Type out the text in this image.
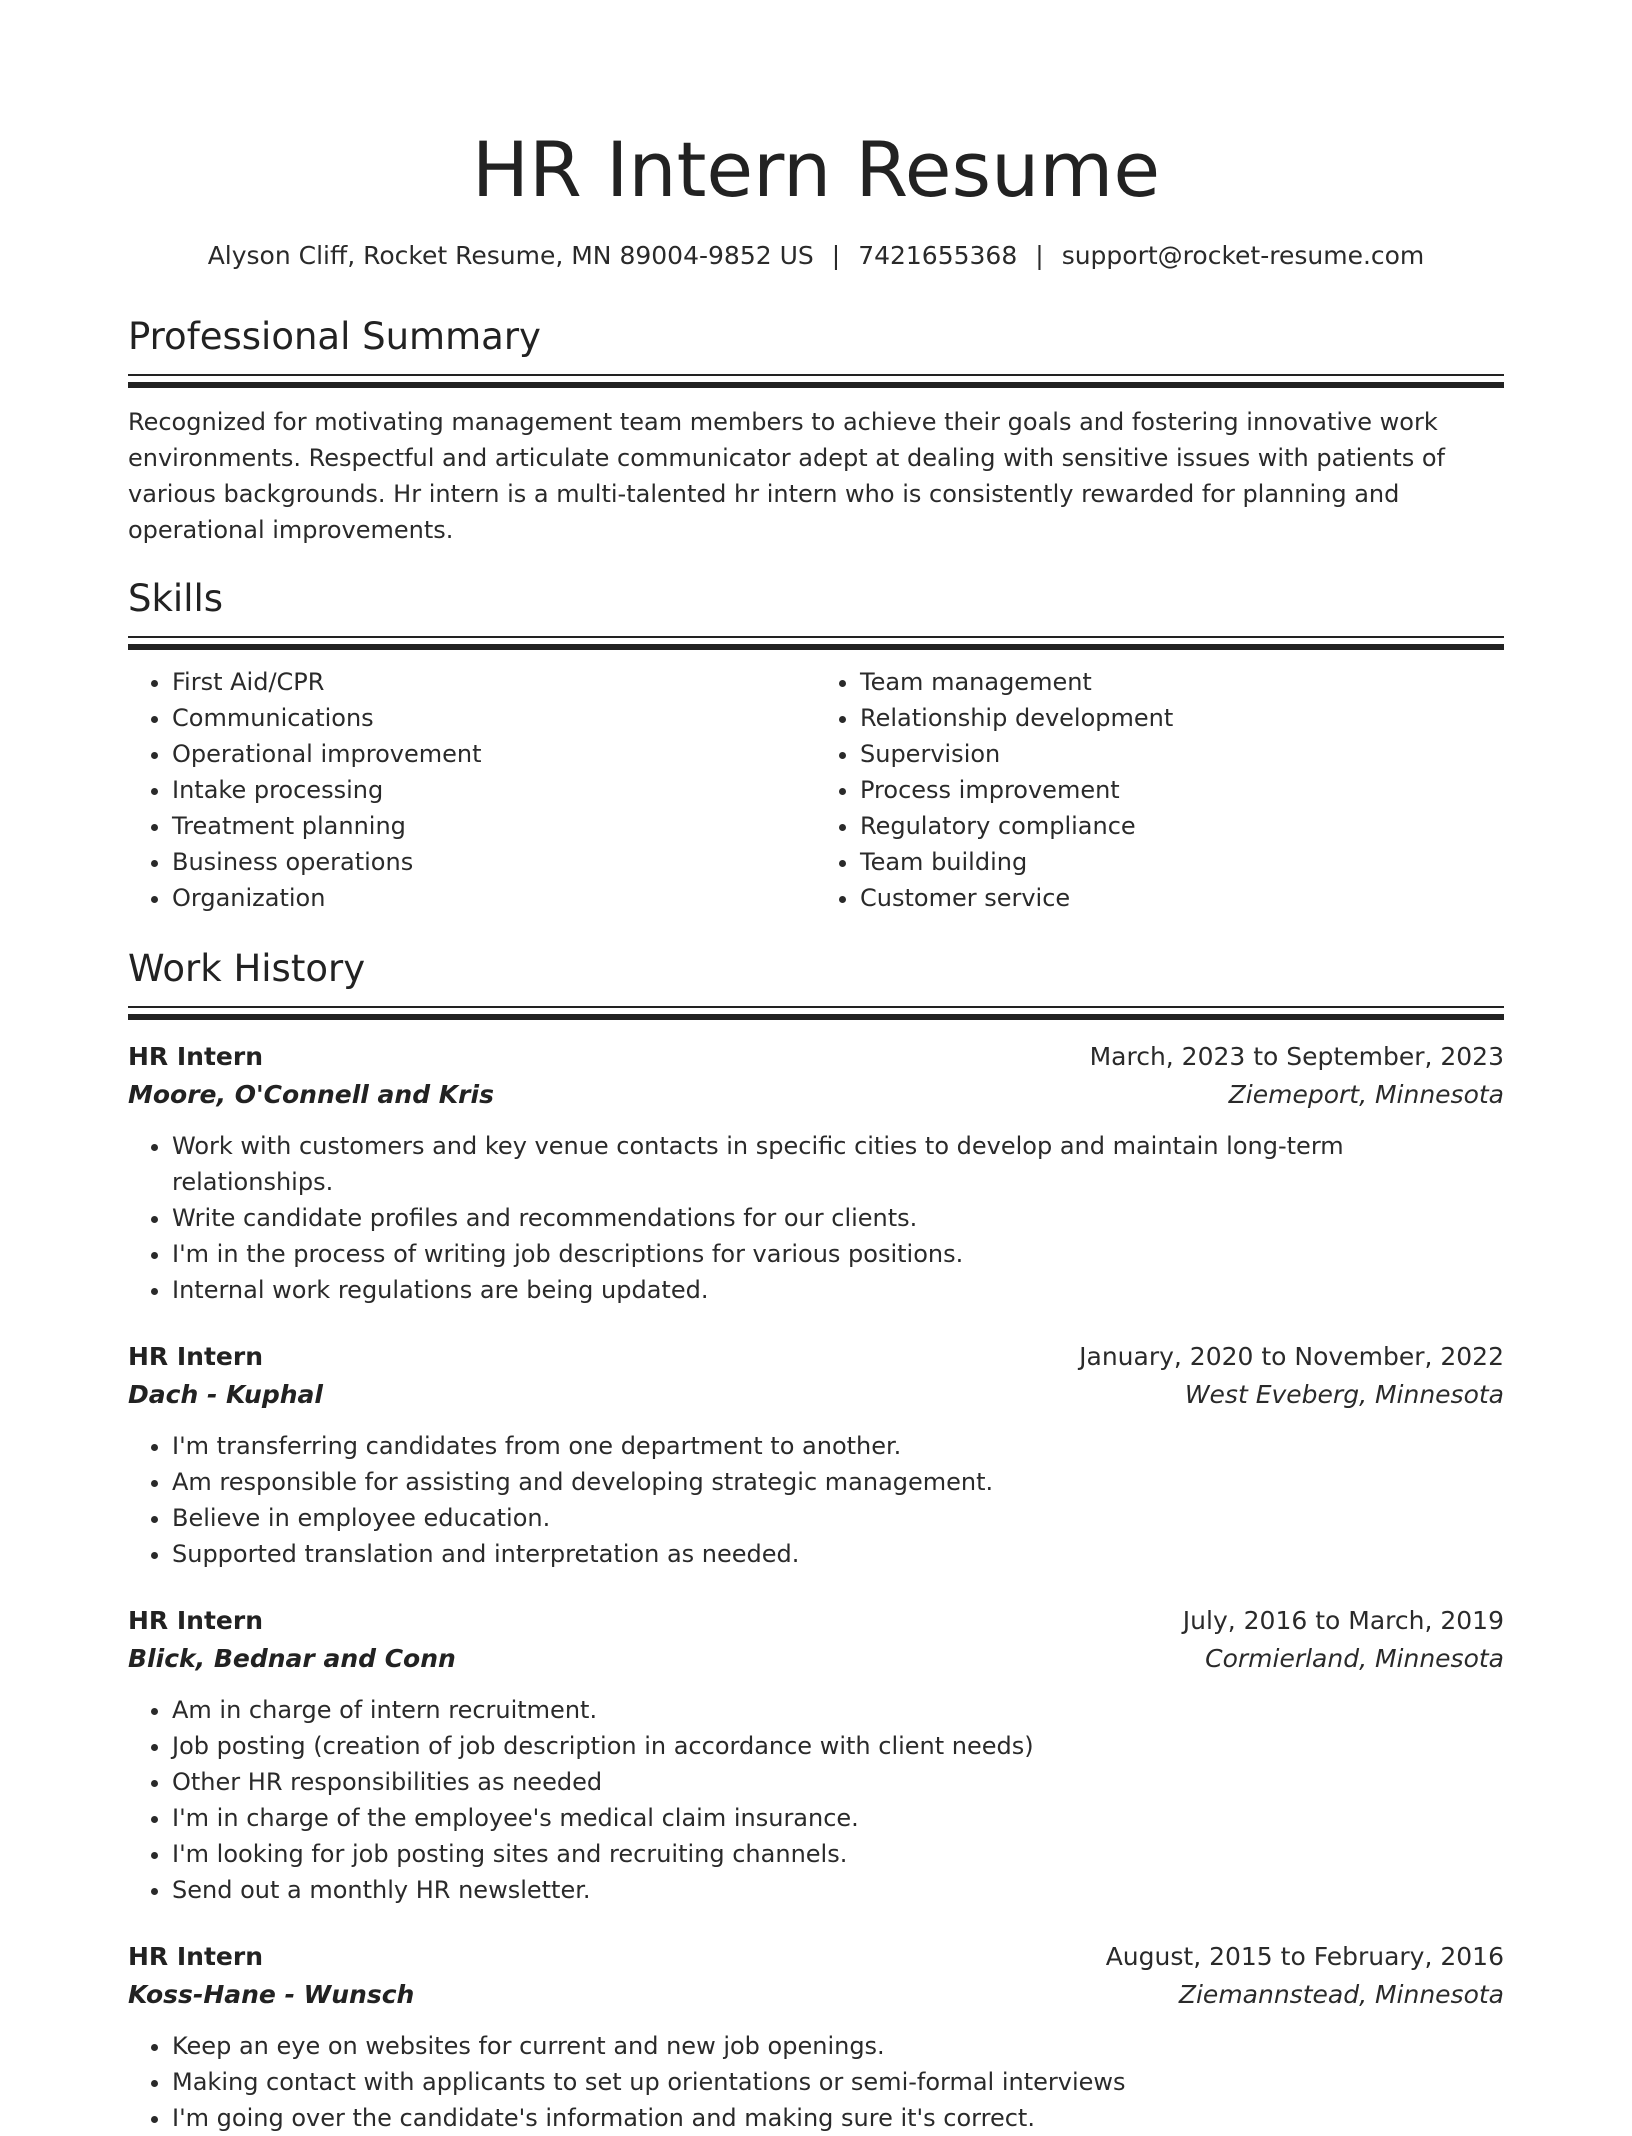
HR Intern Resume
Alyson Cliff, Rocket Resume, MN 89004-9852 US | 7421655368 | support@rocket-resume.com
Professional Summary
Recognized for motivating management team members to achieve their goals and fostering innovative work environments. Respectful and articulate communicator adept at dealing with sensitive issues with patients of various backgrounds. Hr intern is a multi-talented hr intern who is consistently rewarded for planning and operational improvements.
Skills
• First Aid/CPR
• Communications
• Operational improvement
• Intake processing
• Treatment planning
• Business operations
• Organization
• Team management
• Relationship development
• Supervision
• Process improvement
• Regulatory compliance
• Team building
• Customer service
Work History
HR Intern	March, 2023 to September, 2023
Moore, O'Connell and Kris	Ziemeport, Minnesota
• Work with customers and key venue contacts in specific cities to develop and maintain long-term relationships.
• Write candidate profiles and recommendations for our clients.
• I'm in the process of writing job descriptions for various positions.
• Internal work regulations are being updated.
HR Intern	January, 2020 to November, 2022
Dach - Kuphal	West Eveberg, Minnesota
• I'm transferring candidates from one department to another.
• Am responsible for assisting and developing strategic management.
• Believe in employee education.
• Supported translation and interpretation as needed.
HR Intern	July, 2016 to March, 2019
Blick, Bednar and Conn	Cormierland, Minnesota
• Am in charge of intern recruitment.
• Job posting (creation of job description in accordance with client needs)
• Other HR responsibilities as needed
• I'm in charge of the employee's medical claim insurance.
• I'm looking for job posting sites and recruiting channels.
• Send out a monthly HR newsletter.
HR Intern	August, 2015 to February, 2016
Koss-Hane - Wunsch	Ziemannstead, Minnesota
• Keep an eye on websites for current and new job openings.
• Making contact with applicants to set up orientations or semi-formal interviews
• I'm going over the candidate's information and making sure it's correct.
